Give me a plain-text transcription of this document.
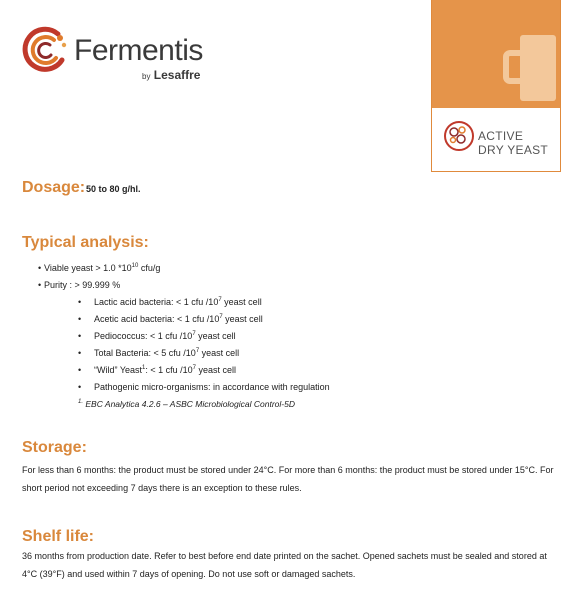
Fermentis
by Lesaffre
ACTIVE
DRY YEAST
Dosage: 50 to 80 g/hl.
Typical analysis:
• Viable yeast > 1.0 $*10^{10}$ cfu/g
• Purity : > 99.999 %
• Lactic acid bacteria: < 1 cfu $/10^7$ yeast cell
• Acetic acid bacteria: < 1 cfu $/10^7$ yeast cell
• Pediococcus: < 1 cfu $/10^7$ yeast cell
• Total Bacteria: < 5 cfu $/10^7$ yeast cell
• “Wild” Yeast$^1$: < 1 cfu $/10^7$ yeast cell
• Pathogenic micro-organisms: in accordance with regulation
$^{1.}$ EBC Analytica 4.2.6 – ASBC Microbiological Control-5D
Storage:

For less than 6 months: the product must be stored under 24°C. For more than 6 months: the product must be stored under 15°C. For short period not exceeding 7 days there is an exception to these rules.

Shelf life:

36 months from production date. Refer to best before end date printed on the sachet. Opened sachets must be sealed and stored at 4°C (39°F) and used within 7 days of opening. Do not use soft or damaged sachets.
